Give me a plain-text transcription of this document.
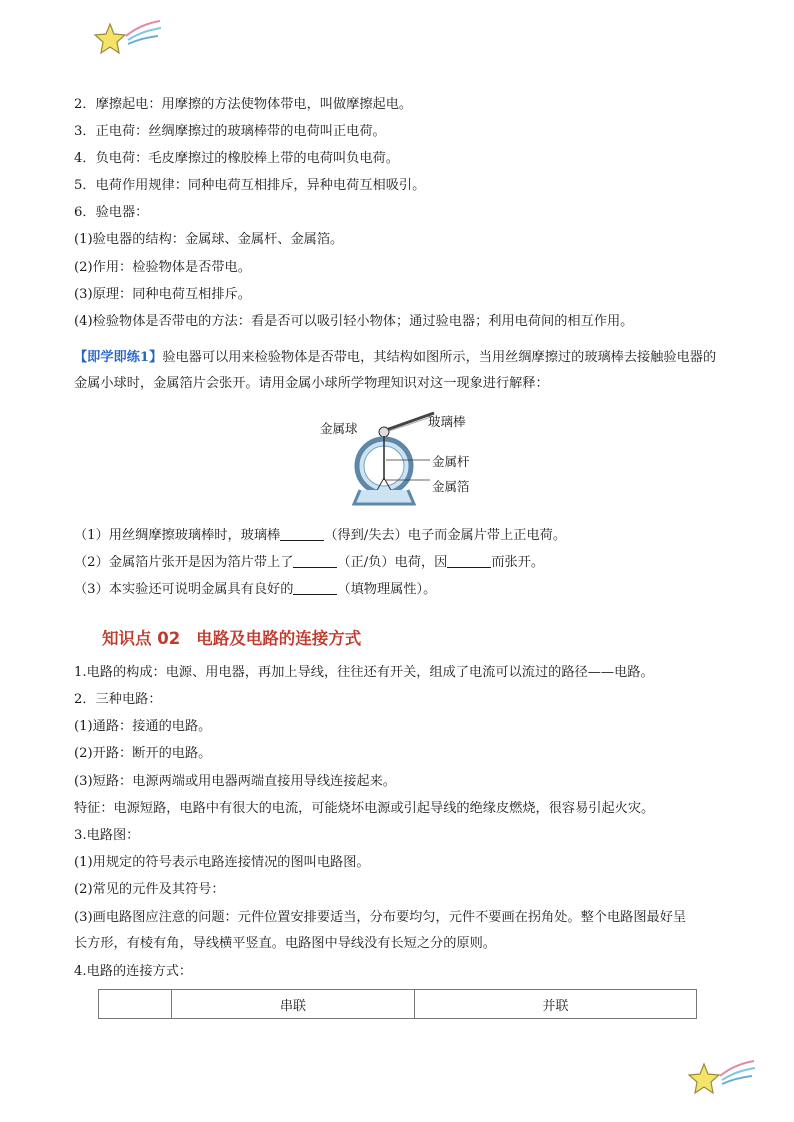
2．摩擦起电：用摩擦的方法使物体带电，叫做摩擦起电。

3．正电荷：丝绸摩擦过的玻璃棒带的电荷叫正电荷。

4．负电荷：毛皮摩擦过的橡胶棒上带的电荷叫负电荷。

5．电荷作用规律：同种电荷互相排斥，异种电荷互相吸引。

6．验电器：

(1)验电器的结构：金属球、金属杆、金属箔。

(2)作用：检验物体是否带电。

(3)原理：同种电荷互相排斥。

(4)检验物体是否带电的方法：看是否可以吸引轻小物体；通过验电器；利用电荷间的相互作用。

【即学即练1】验电器可以用来检验物体是否带电，其结构如图所示，当用丝绸摩擦过的玻璃棒去接触验电器的金属小球时，金属箔片会张开。请用金属小球所学物理知识对这一现象进行解释：

金属球	玻璃棒
金属杆
金属箔

（1）用丝绸摩擦玻璃棒时，玻璃棒	（得到/失去）电子而金属片带上正电荷。

（2）金属箔片张开是因为箔片带上了	（正/负）电荷，因	而张开。

（3）本实验还可说明金属具有良好的	（填物理属性）。

知识点 02 电路及电路的连接方式

1.电路的构成：电源、用电器，再加上导线，往往还有开关，组成了电流可以流过的路径——电路。

2．三种电路：

(1)通路：接通的电路。

(2)开路：断开的电路。

(3)短路：电源两端或用电器两端直接用导线连接起来。

特征：电源短路，电路中有很大的电流，可能烧坏电源或引起导线的绝缘皮燃烧，很容易引起火灾。

3.电路图：

(1)用规定的符号表示电路连接情况的图叫电路图。

(2)常见的元件及其符号：

(3)画电路图应注意的问题：元件位置安排要适当，分布要均匀，元件不要画在拐角处。整个电路图最好呈

长方形，有棱有角，导线横平竖直。电路图中导线没有长短之分的原则。

4.电路的连接方式：

	串联	并联
